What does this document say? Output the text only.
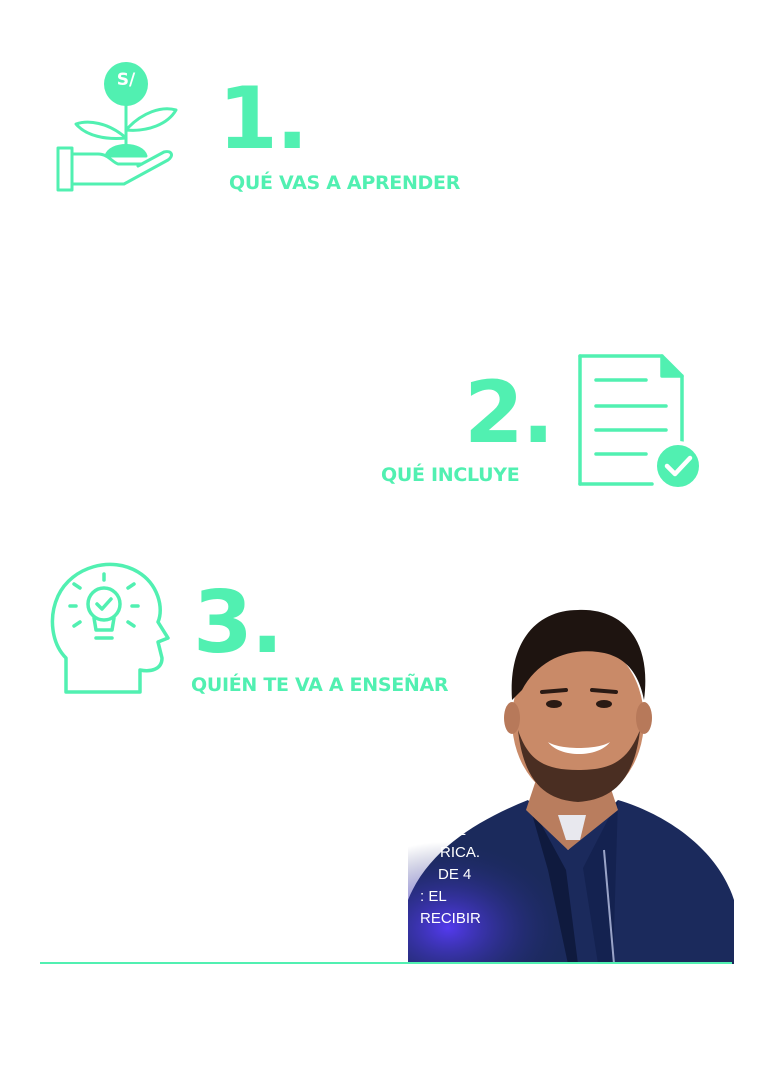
S/ 1.
QUÉ VAS A APRENDER
2.
QUÉ INCLUYE
3.
QUIÉN TE VA A ENSEÑAR
E
RICA.
DE 4
: EL
RECIBIR
